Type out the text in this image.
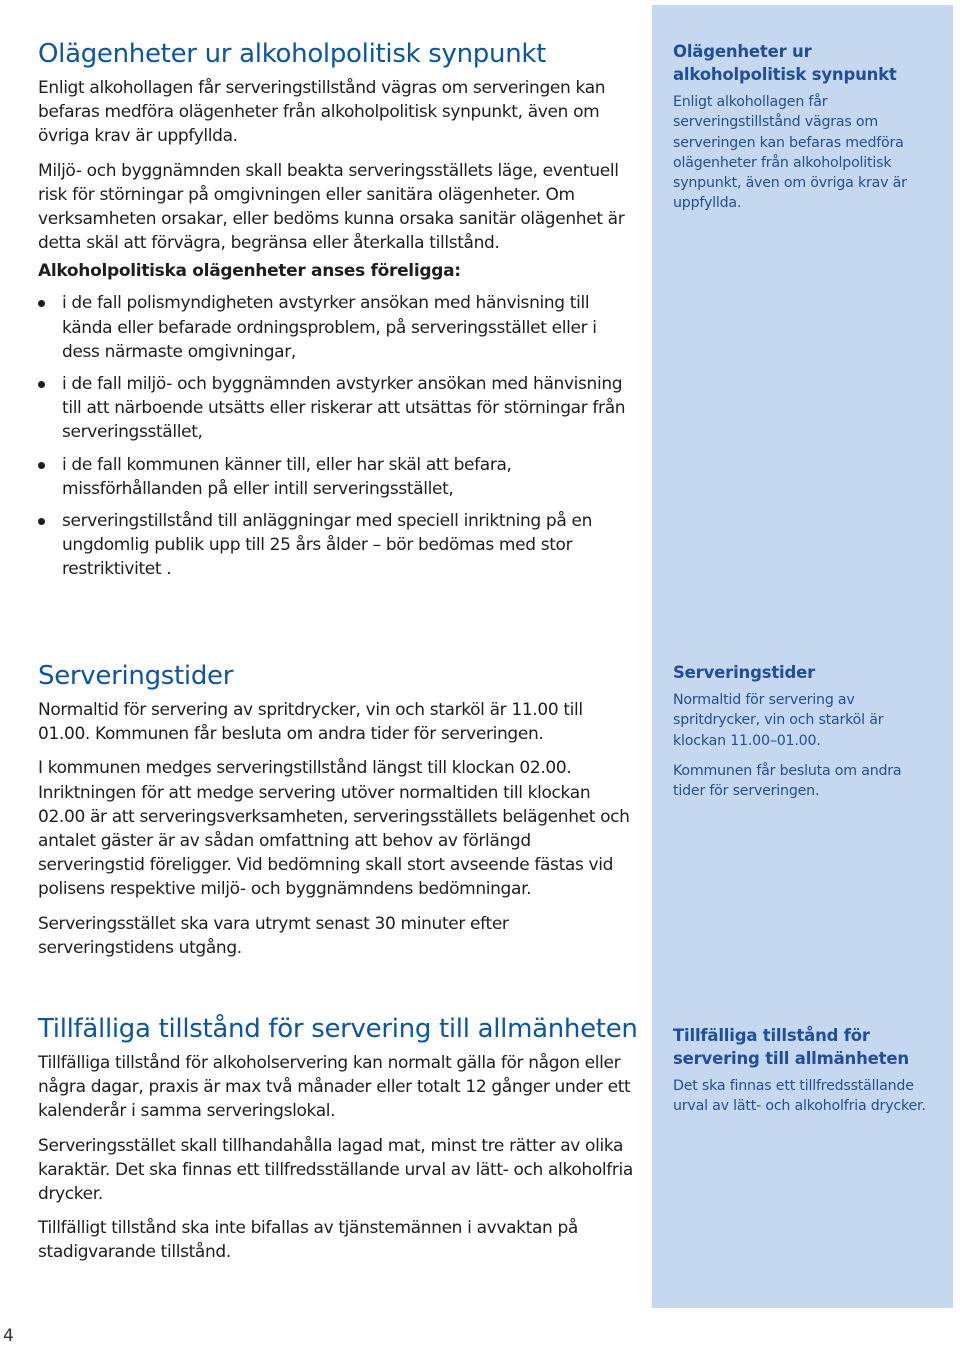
Olägenheter ur alkoholpolitisk synpunkt

Enligt alkohollagen får serveringstillstånd vägras om serveringen kan befaras medföra olägenheter från alkoholpolitisk synpunkt, även om övriga krav är uppfyllda.

Miljö- och byggnämnden skall beakta serveringsställets läge, eventuell risk för störningar på omgivningen eller sanitära olägenheter. Om verksamheten orsakar, eller bedöms kunna orsaka sanitär olägenhet är detta skäl att förvägra, begränsa eller återkalla tillstånd.

Alkoholpolitiska olägenheter anses föreligga:
i de fall polismyndigheten avstyrker ansökan med hänvisning till kända eller befarade ordningsproblem, på serveringsstället eller i dess närmaste omgivningar,
i de fall miljö- och byggnämnden avstyrker ansökan med hänvisning till att närboende utsätts eller riskerar att utsättas för störningar från serveringsstället,
i de fall kommunen känner till, eller har skäl att befara, missförhållanden på eller intill serveringsstället,
serveringstillstånd till anläggningar med speciell inriktning på en ungdomlig publik upp till 25 års ålder – bör bedömas med stor restriktivitet .
Serveringstider

Normaltid för servering av spritdrycker, vin och starköl är 11.00 till 01.00. Kommunen får besluta om andra tider för serveringen.

I kommunen medges serveringstillstånd längst till klockan 02.00. Inriktningen för att medge servering utöver normaltiden till klockan 02.00 är att serveringsverksamheten, serveringsställets belägenhet och antalet gäster är av sådan omfattning att behov av förlängd serveringstid föreligger. Vid bedömning skall stort avseende fästas vid polisens respektive miljö- och byggnämndens bedömningar.

Serveringsstället ska vara utrymt senast 30 minuter efter serveringstidens utgång.

Tillfälliga tillstånd för servering till allmänheten

Tillfälliga tillstånd för alkoholservering kan normalt gälla för någon eller några dagar, praxis är max två månader eller totalt 12 gånger under ett kalenderår i samma serveringslokal.

Serveringsstället skall tillhandahålla lagad mat, minst tre rätter av olika karaktär. Det ska finnas ett tillfredsställande urval av lätt- och alkoholfria drycker.

Tillfälligt tillstånd ska inte bifallas av tjänstemännen i avvaktan på stadigvarande tillstånd.

Olägenheter ur alkoholpolitisk synpunkt
Enligt alkohollagen får serveringstillstånd vägras om serveringen kan befaras medföra olägenheter från alkoholpolitisk synpunkt, även om övriga krav är uppfyllda.
Serveringstider
Normaltid för servering av spritdrycker, vin och starköl är klockan 11.00–01.00.
Kommunen får besluta om andra tider för serveringen.
Tillfälliga tillstånd för servering till allmänheten
Det ska finnas ett tillfredsställande urval av lätt- och alkoholfria drycker.
4
